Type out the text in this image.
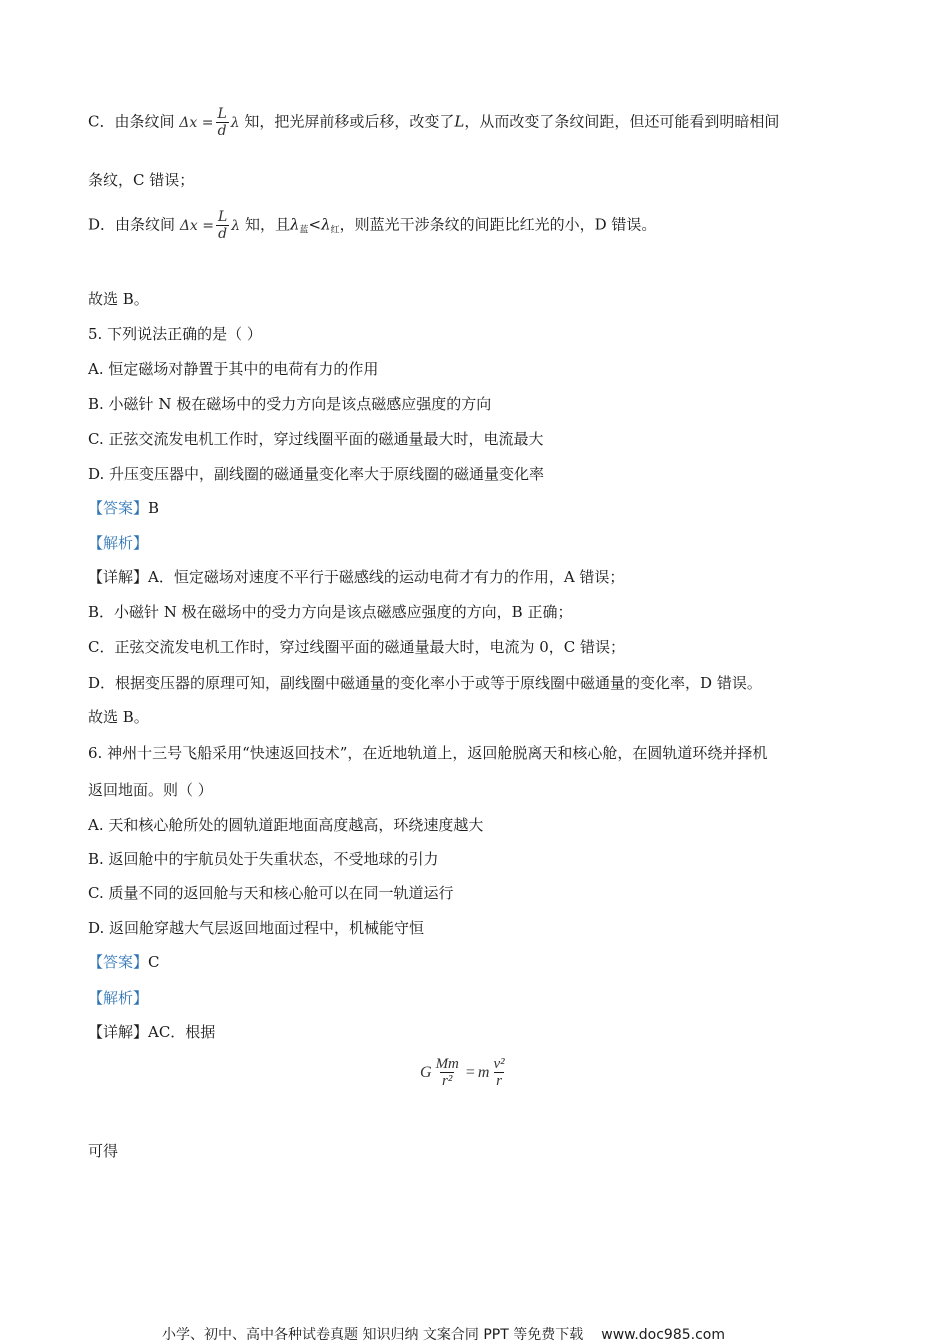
C．由条纹间 $\Delta x = \frac{L}{d}$ λ 知，把光屏前移或后移，改变了L，从而改变了条纹间距，但还可能看到明暗相间
条纹，C 错误；
D．由条纹间 $\Delta x = \frac{L}{d}$ λ 知，且$\lambda_蓝<\lambda_红$，则蓝光干涉条纹的间距比红光的小，D 错误。
故选 B。
5. 下列说法正确的是（ ）
A. 恒定磁场对静置于其中的电荷有力的作用
B. 小磁针 N 极在磁场中的受力方向是该点磁感应强度的方向
C. 正弦交流发电机工作时，穿过线圈平面的磁通量最大时，电流最大
D. 升压变压器中，副线圈的磁通量变化率大于原线圈的磁通量变化率
【答案】B
【解析】
【详解】A．恒定磁场对速度不平行于磁感线的运动电荷才有力的作用，A 错误；
B．小磁针 N 极在磁场中的受力方向是该点磁感应强度的方向，B 正确；
C．正弦交流发电机工作时，穿过线圈平面的磁通量最大时，电流为 0，C 错误；
D．根据变压器的原理可知，副线圈中磁通量的变化率小于或等于原线圈中磁通量的变化率，D 错误。
故选 B。
6. 神州十三号飞船采用“快速返回技术”，在近地轨道上，返回舱脱离天和核心舱，在圆轨道环绕并择机
返回地面。则（ ）
A. 天和核心舱所处的圆轨道距地面高度越高，环绕速度越大
B. 返回舱中的宇航员处于失重状态，不受地球的引力
C. 质量不同的返回舱与天和核心舱可以在同一轨道运行
D. 返回舱穿越大气层返回地面过程中，机械能守恒
【答案】C
【解析】
【详解】AC．根据
G $\frac{Mm}{\text{r²}} = m \frac{\text{v²}}{r}$
可得
小学、初中、高中各种试卷真题 知识归纳 文案合同 PPT 等免费下载 www.doc985.com
